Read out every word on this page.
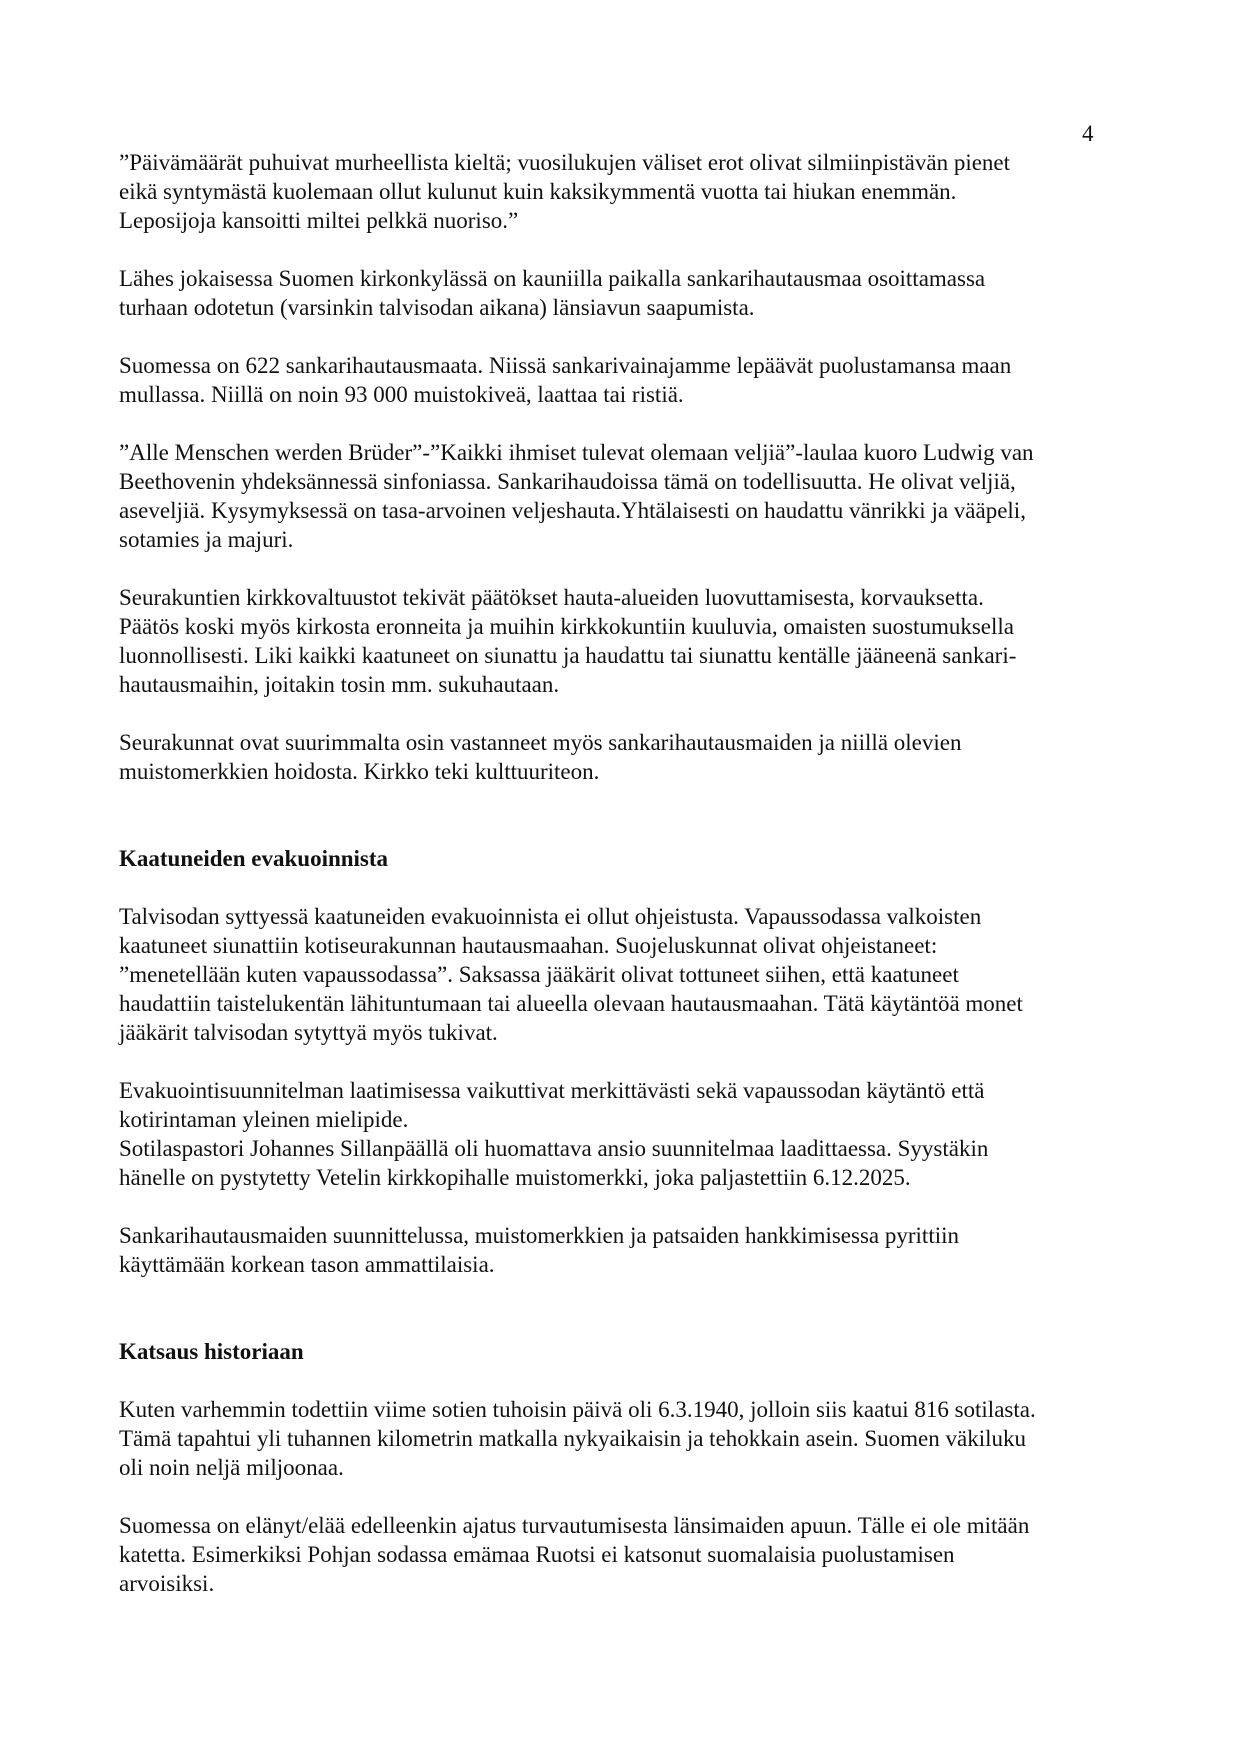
4

”Päivämäärät puhuivat murheellista kieltä; vuosilukujen väliset erot olivat silmiinpistävän pienet
eikä syntymästä kuolemaan ollut kulunut kuin kaksikymmentä vuotta tai hiukan enemmän.
Leposijoja kansoitti miltei pelkkä nuoriso.”

Lähes jokaisessa Suomen kirkonkylässä on kauniilla paikalla sankarihautausmaa osoittamassa
turhaan odotetun (varsinkin talvisodan aikana) länsiavun saapumista.

Suomessa on 622 sankarihautausmaata. Niissä sankarivainajamme lepäävät puolustamansa maan
mullassa. Niillä on noin 93 000 muistokiveä, laattaa tai ristiä.

”Alle Menschen werden Brüder”-”Kaikki ihmiset tulevat olemaan veljiä”-laulaa kuoro Ludwig van
Beethovenin yhdeksännessä sinfoniassa. Sankarihaudoissa tämä on todellisuutta. He olivat veljiä,
aseveljiä. Kysymyksessä on tasa-arvoinen veljeshauta.Yhtälaisesti on haudattu vänrikki ja vääpeli,
sotamies ja majuri.

Seurakuntien kirkkovaltuustot tekivät päätökset hauta-alueiden luovuttamisesta, korvauksetta.
Päätös koski myös kirkosta eronneita ja muihin kirkkokuntiin kuuluvia, omaisten suostumuksella
luonnollisesti. Liki kaikki kaatuneet on siunattu ja haudattu tai siunattu kentälle jääneenä sankari-
hautausmaihin, joitakin tosin mm. sukuhautaan.

Seurakunnat ovat suurimmalta osin vastanneet myös sankarihautausmaiden ja niillä olevien
muistomerkkien hoidosta. Kirkko teki kulttuuriteon.

Kaatuneiden evakuoinnista

Talvisodan syttyessä kaatuneiden evakuoinnista ei ollut ohjeistusta. Vapaussodassa valkoisten
kaatuneet siunattiin kotiseurakunnan hautausmaahan. Suojeluskunnat olivat ohjeistaneet:
”menetellään kuten vapaussodassa”. Saksassa jääkärit olivat tottuneet siihen, että kaatuneet
haudattiin taistelukentän lähituntumaan tai alueella olevaan hautausmaahan. Tätä käytäntöä monet
jääkärit talvisodan sytyttyä myös tukivat.

Evakuointisuunnitelman laatimisessa vaikuttivat merkittävästi sekä vapaussodan käytäntö että
kotirintaman yleinen mielipide.
Sotilaspastori Johannes Sillanpäällä oli huomattava ansio suunnitelmaa laadittaessa. Syystäkin
hänelle on pystytetty Vetelin kirkkopihalle muistomerkki, joka paljastettiin 6.12.2025.

Sankarihautausmaiden suunnittelussa, muistomerkkien ja patsaiden hankkimisessa pyrittiin
käyttämään korkean tason ammattilaisia.

Katsaus historiaan

Kuten varhemmin todettiin viime sotien tuhoisin päivä oli 6.3.1940, jolloin siis kaatui 816 sotilasta.
Tämä tapahtui yli tuhannen kilometrin matkalla nykyaikaisin ja tehokkain asein. Suomen väkiluku
oli noin neljä miljoonaa.

Suomessa on elänyt/elää edelleenkin ajatus turvautumisesta länsimaiden apuun. Tälle ei ole mitään
katetta. Esimerkiksi Pohjan sodassa emämaa Ruotsi ei katsonut suomalaisia puolustamisen
arvoisiksi.
